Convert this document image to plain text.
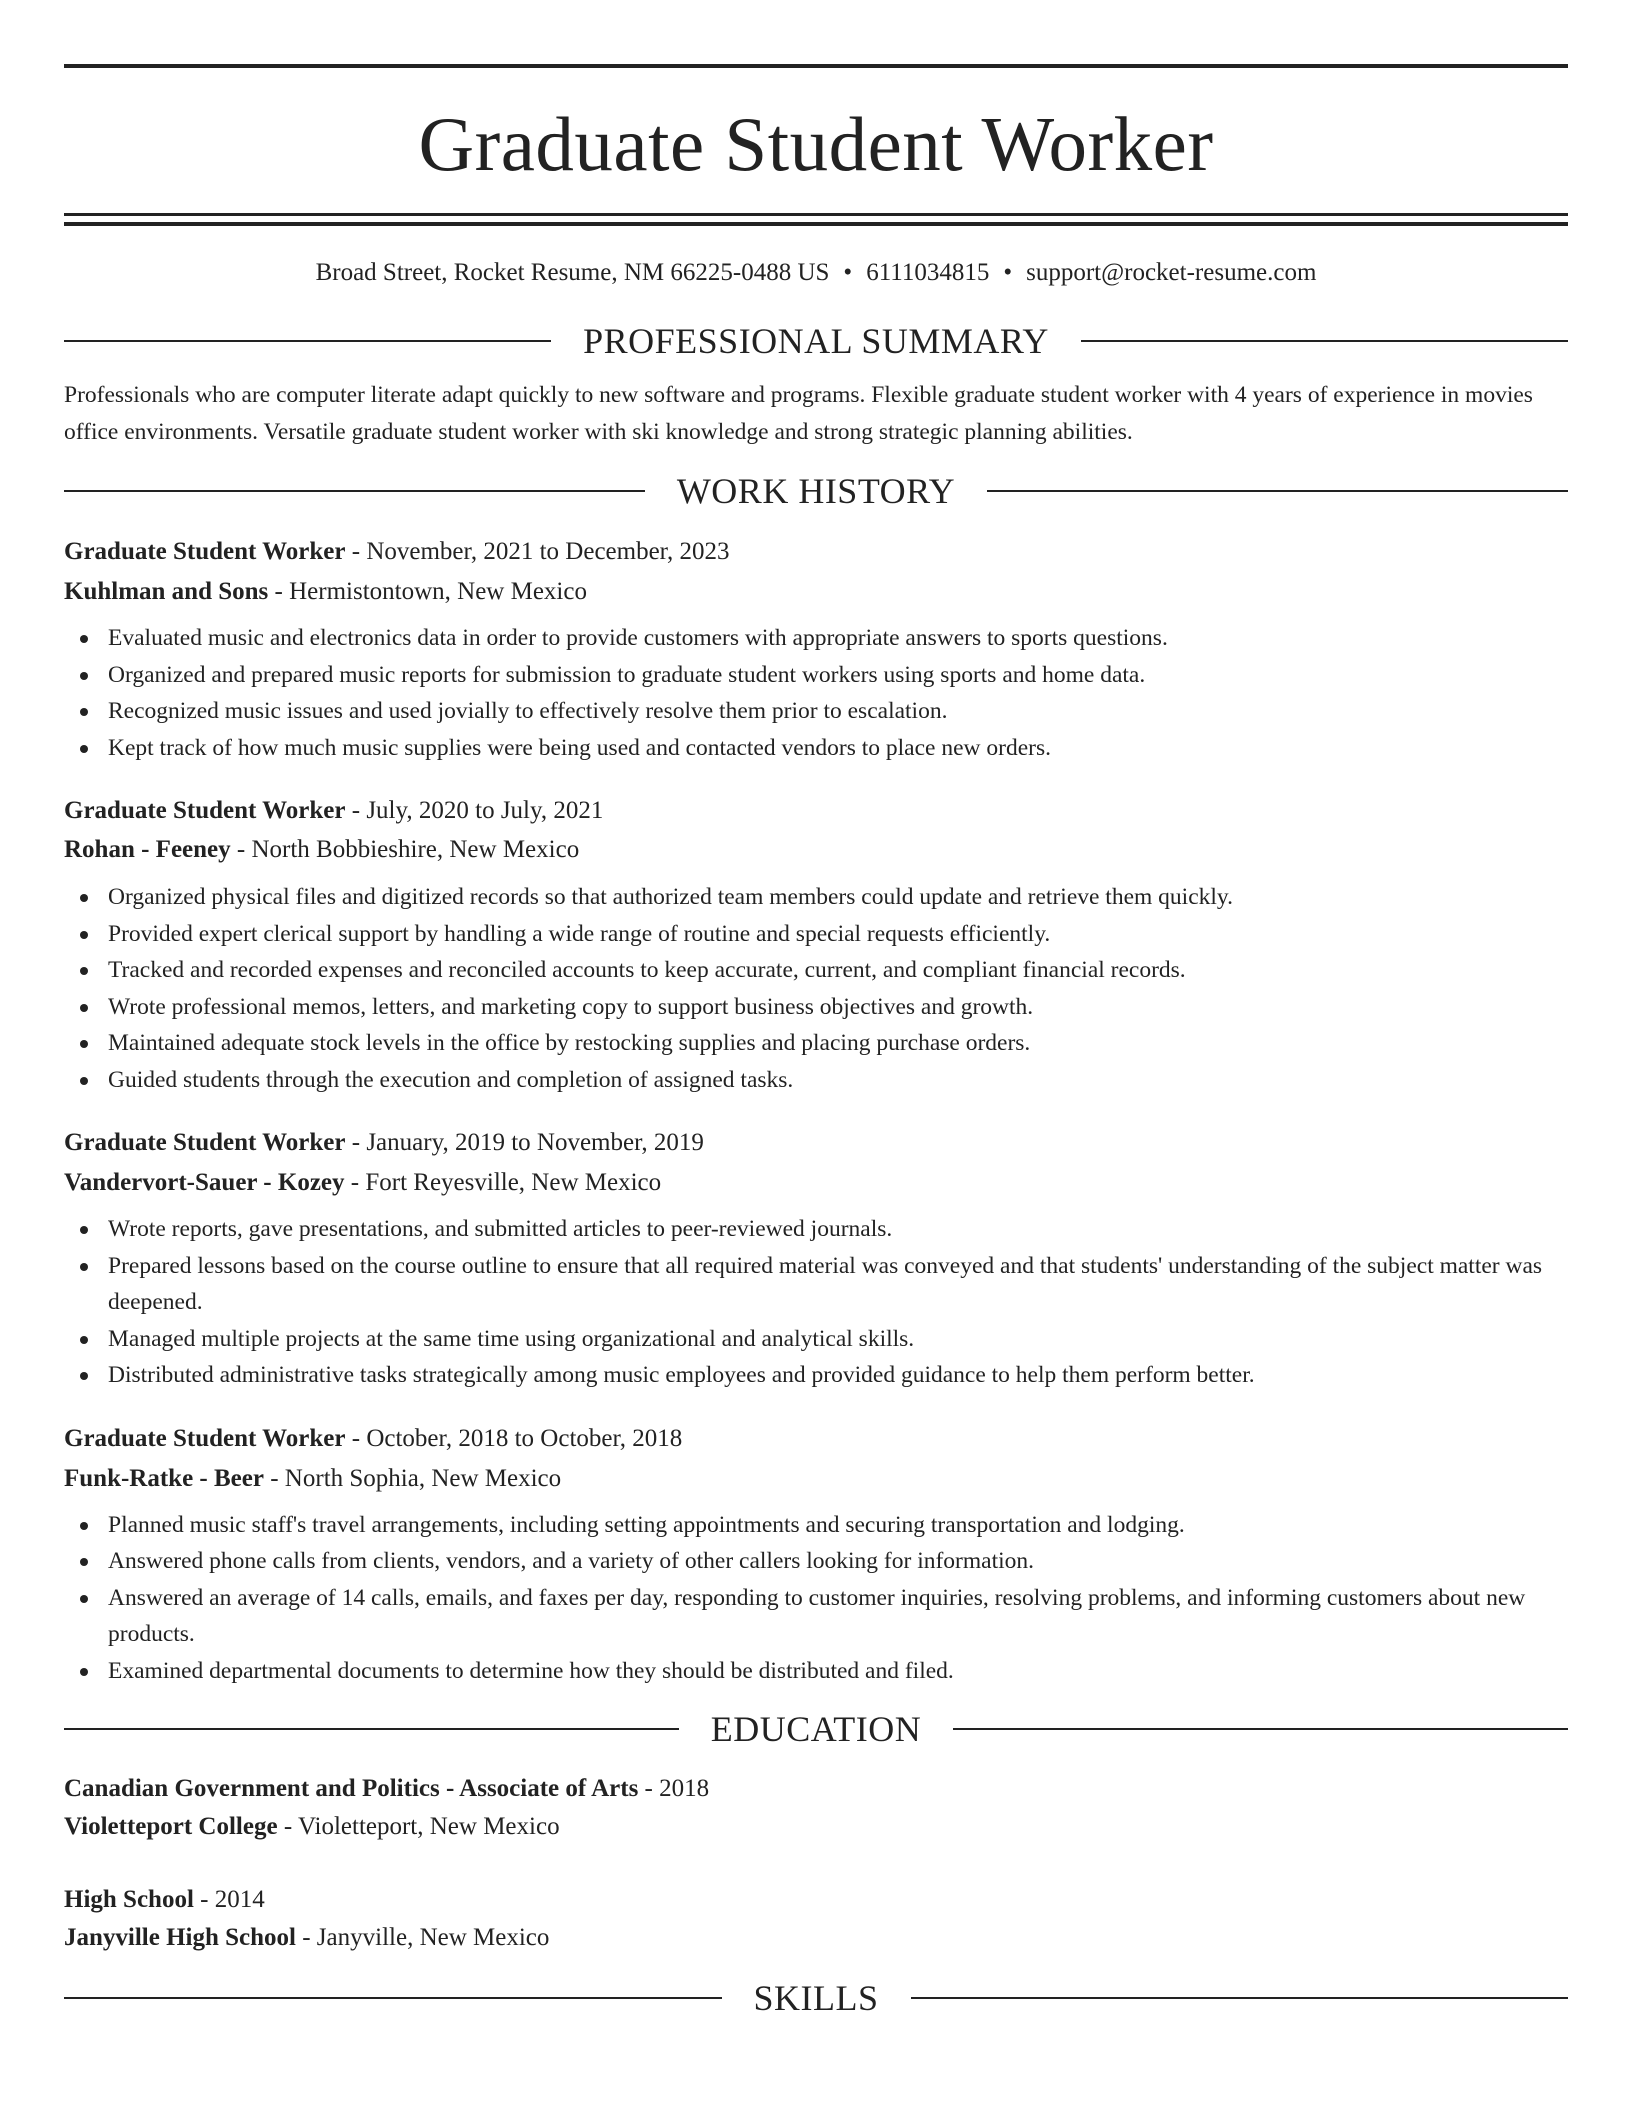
Graduate Student Worker
Broad Street, Rocket Resume, NM 66225-0488 US • 6111034815 • support@rocket-resume.com
PROFESSIONAL SUMMARY

Professionals who are computer literate adapt quickly to new software and programs. Flexible graduate student worker with 4 years of experience in movies office environments. Versatile graduate student worker with ski knowledge and strong strategic planning abilities.

WORK HISTORY
Graduate Student Worker - November, 2021 to December, 2023
Kuhlman and Sons - Hermistontown, New Mexico
Evaluated music and electronics data in order to provide customers with appropriate answers to sports questions.
Organized and prepared music reports for submission to graduate student workers using sports and home data.
Recognized music issues and used jovially to effectively resolve them prior to escalation.
Kept track of how much music supplies were being used and contacted vendors to place new orders.
Graduate Student Worker - July, 2020 to July, 2021
Rohan - Feeney - North Bobbieshire, New Mexico
Organized physical files and digitized records so that authorized team members could update and retrieve them quickly.
Provided expert clerical support by handling a wide range of routine and special requests efficiently.
Tracked and recorded expenses and reconciled accounts to keep accurate, current, and compliant financial records.
Wrote professional memos, letters, and marketing copy to support business objectives and growth.
Maintained adequate stock levels in the office by restocking supplies and placing purchase orders.
Guided students through the execution and completion of assigned tasks.
Graduate Student Worker - January, 2019 to November, 2019
Vandervort-Sauer - Kozey - Fort Reyesville, New Mexico
Wrote reports, gave presentations, and submitted articles to peer-reviewed journals.
Prepared lessons based on the course outline to ensure that all required material was conveyed and that students' understanding of the subject matter was deepened.
Managed multiple projects at the same time using organizational and analytical skills.
Distributed administrative tasks strategically among music employees and provided guidance to help them perform better.
Graduate Student Worker - October, 2018 to October, 2018
Funk-Ratke - Beer - North Sophia, New Mexico
Planned music staff's travel arrangements, including setting appointments and securing transportation and lodging.
Answered phone calls from clients, vendors, and a variety of other callers looking for information.
Answered an average of 14 calls, emails, and faxes per day, responding to customer inquiries, resolving problems, and informing customers about new products.
Examined departmental documents to determine how they should be distributed and filed.
EDUCATION
Canadian Government and Politics - Associate of Arts - 2018
Violetteport College - Violetteport, New Mexico
High School - 2014
Janyville High School - Janyville, New Mexico
SKILLS
